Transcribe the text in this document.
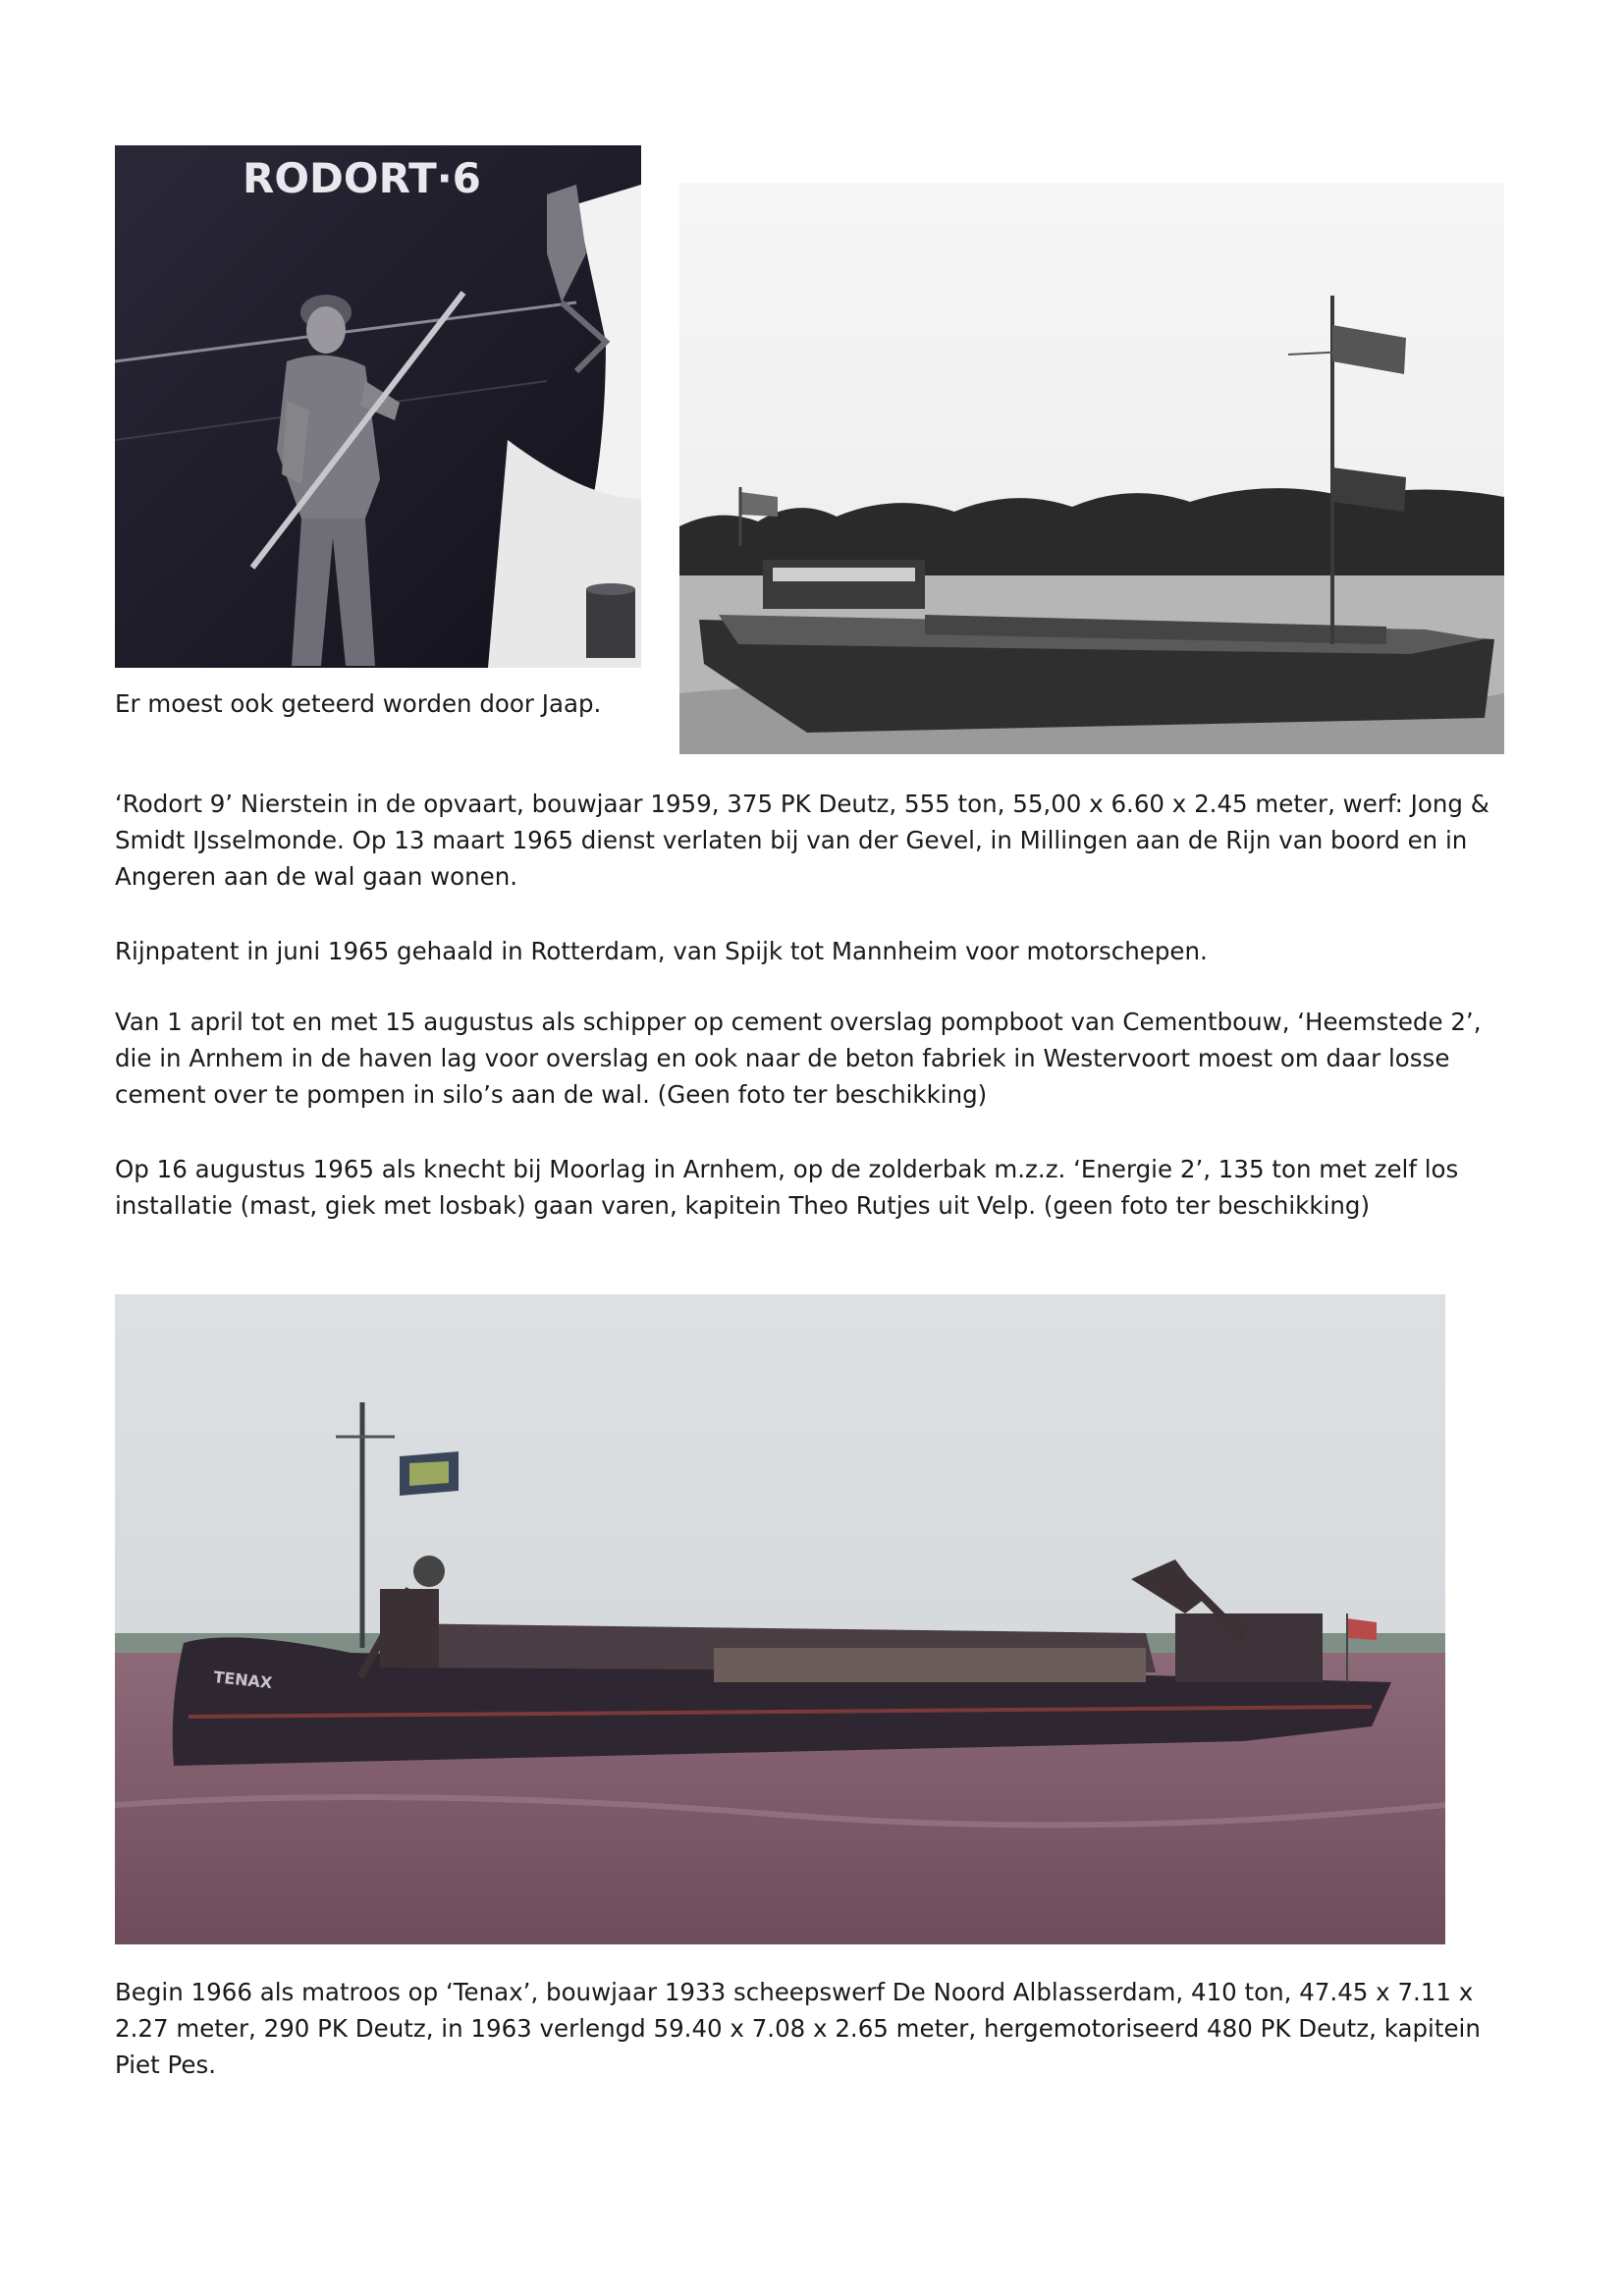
RODORT·6
Er moest ook geteerd worden door Jaap.
‘Rodort 9’ Nierstein in de opvaart, bouwjaar 1959, 375 PK Deutz, 555 ton, 55,00 x 6.60 x 2.45 meter, werf: Jong & Smidt IJsselmonde. Op 13 maart 1965 dienst verlaten bij van der Gevel, in Millingen aan de Rijn van boord en in Angeren aan de wal gaan wonen.
Rijnpatent in juni 1965 gehaald in Rotterdam, van Spijk tot Mannheim voor motorschepen.
Van 1 april tot en met 15 augustus als schipper op cement overslag pompboot van Cementbouw, ‘Heemstede 2’, die in Arnhem in de haven lag voor overslag en ook naar de beton fabriek in Westervoort moest om daar losse cement over te pompen in silo’s aan de wal. (Geen foto ter beschikking)
Op 16 augustus 1965 als knecht bij Moorlag in Arnhem, op de zolderbak m.z.z. ‘Energie 2’, 135 ton met zelf los installatie (mast, giek met losbak) gaan varen, kapitein Theo Rutjes uit Velp. (geen foto ter beschikking)
TENAX
Begin 1966 als matroos op ‘Tenax’, bouwjaar 1933 scheepswerf De Noord Alblasserdam, 410 ton, 47.45 x 7.11 x 2.27 meter, 290 PK Deutz, in 1963 verlengd 59.40 x 7.08 x 2.65 meter, hergemotoriseerd 480 PK Deutz, kapitein Piet Pes.
